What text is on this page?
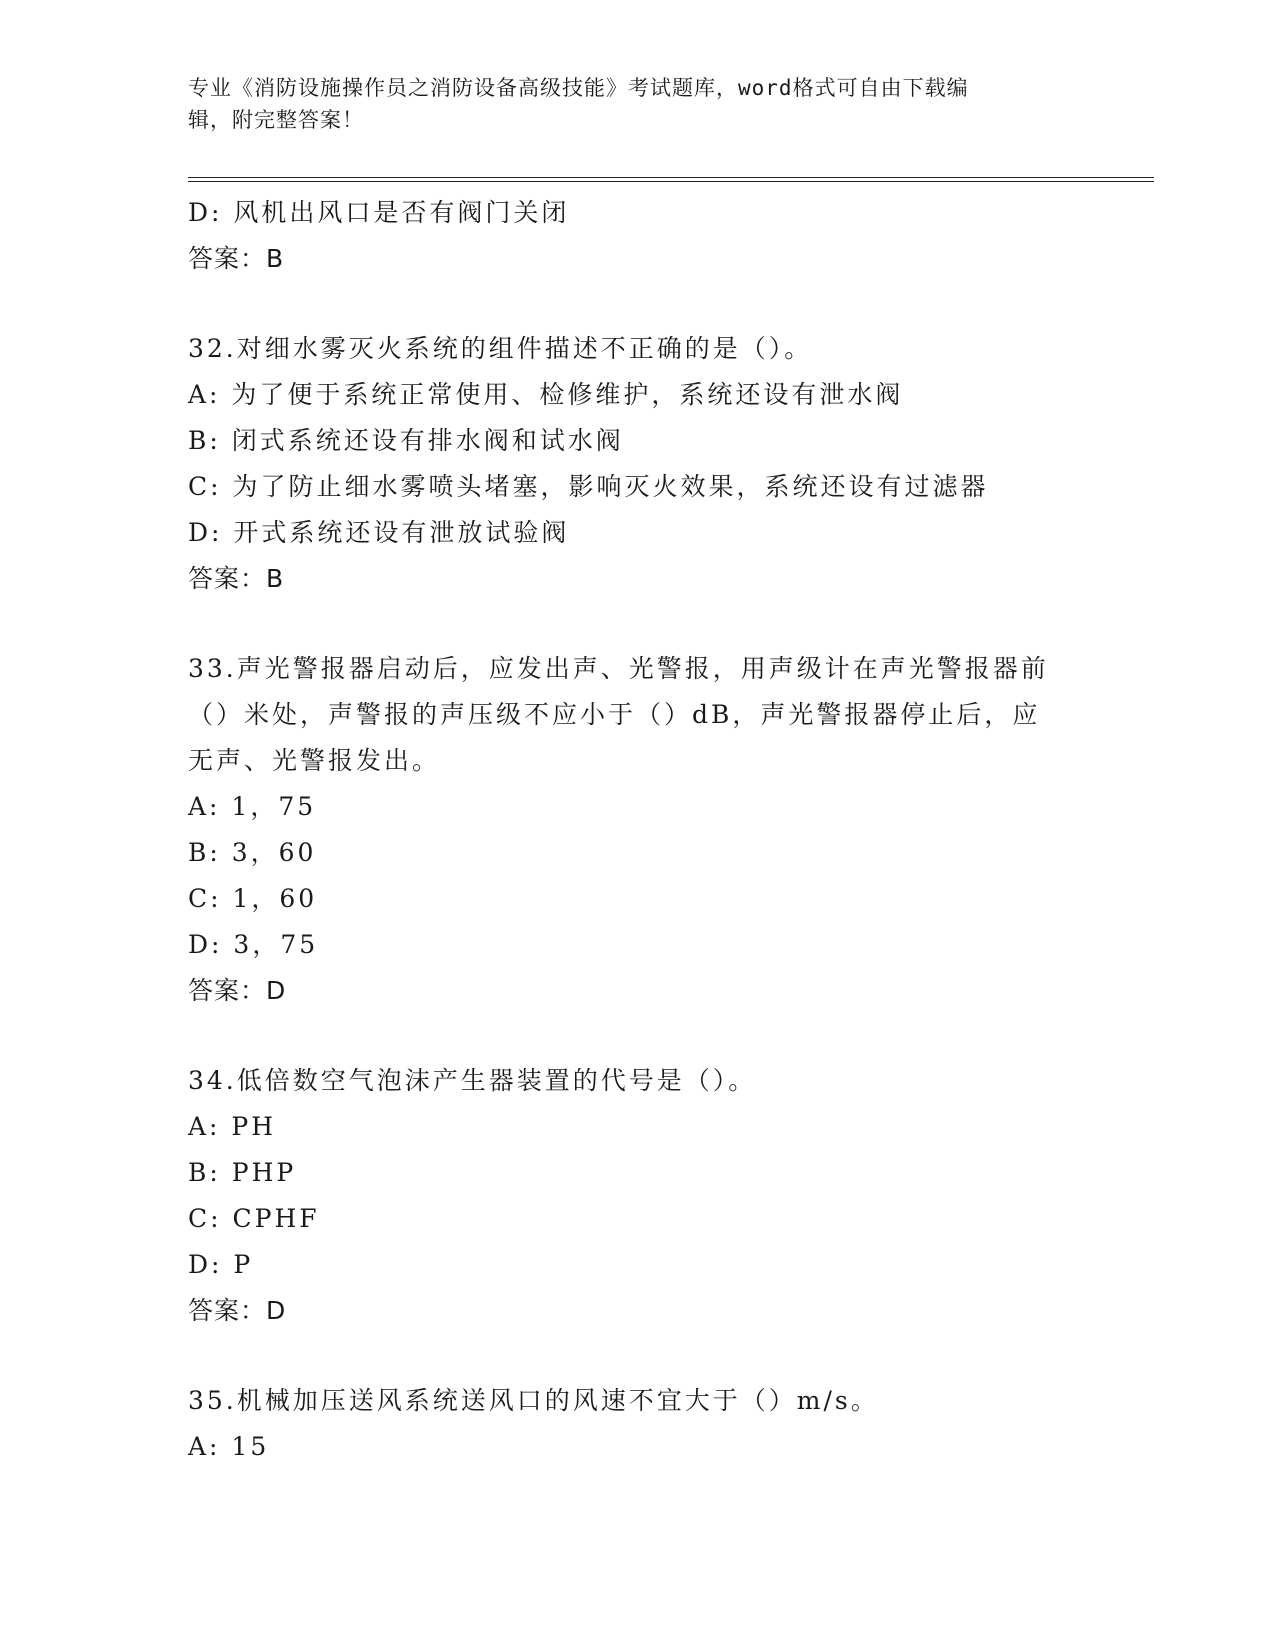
专业《消防设施操作员之消防设备高级技能》考试题库，word格式可自由下载编
辑，附完整答案！
D: 风机出风口是否有阀门关闭
答案：B
32.对细水雾灭火系统的组件描述不正确的是（）。
A: 为了便于系统正常使用、检修维护，系统还设有泄水阀
B: 闭式系统还设有排水阀和试水阀
C: 为了防止细水雾喷头堵塞，影响灭火效果，系统还设有过滤器
D: 开式系统还设有泄放试验阀
答案：B
33.声光警报器启动后，应发出声、光警报，用声级计在声光警报器前
（）米处，声警报的声压级不应小于（）dB，声光警报器停止后，应
无声、光警报发出。
A: 1，75
B: 3，60
C: 1，60
D: 3，75
答案：D
34.低倍数空气泡沫产生器装置的代号是（）。
A: PH
B: PHP
C: CPHF
D: P
答案：D
35.机械加压送风系统送风口的风速不宜大于（）m/s。
A: 15
